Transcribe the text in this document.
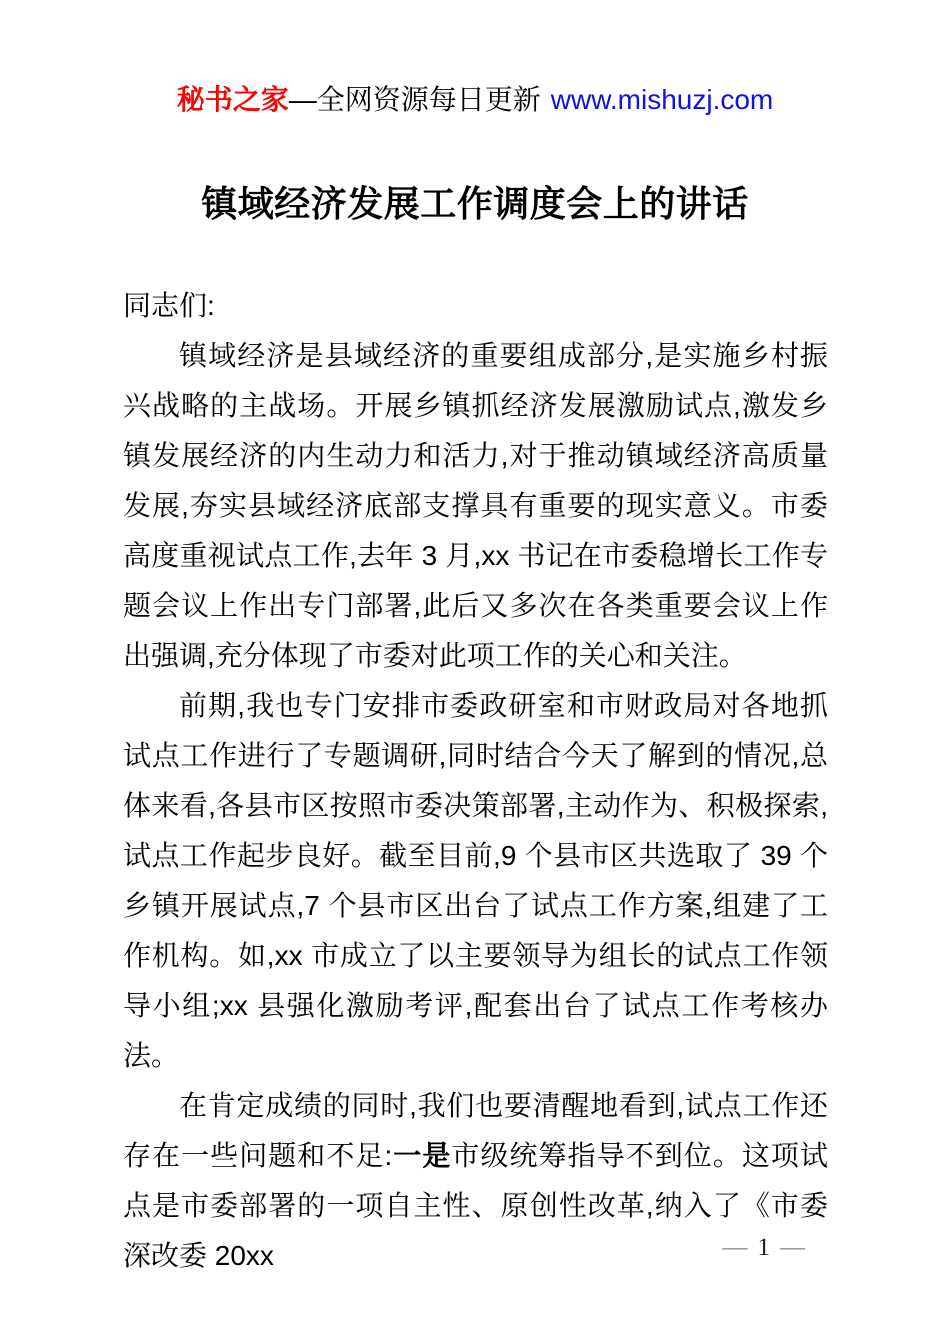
秘书之家—全网资源每日更新 www.mishuzj.com
镇域经济发展工作调度会上的讲话

同志们:

镇域经济是县域经济的重要组成部分,是实施乡村振兴战略的主战场。开展乡镇抓经济发展激励试点,激发乡镇发展经济的内生动力和活力,对于推动镇域经济高质量发展,夯实县域经济底部支撑具有重要的现实意义。市委高度重视试点工作,去年 3 月,xx 书记在市委稳增长工作专题会议上作出专门部署,此后又多次在各类重要会议上作出强调,充分体现了市委对此项工作的关心和关注。

前期,我也专门安排市委政研室和市财政局对各地抓试点工作进行了专题调研,同时结合今天了解到的情况,总体来看,各县市区按照市委决策部署,主动作为、积极探索,试点工作起步良好。截至目前,9 个县市区共选取了 39 个乡镇开展试点,7 个县市区出台了试点工作方案,组建了工作机构。如,xx 市成立了以主要领导为组长的试点工作领导小组;xx 县强化激励考评,配套出台了试点工作考核办法。

在肯定成绩的同时,我们也要清醒地看到,试点工作还存在一些问题和不足:一是市级统筹指导不到位。这项试点是市委部署的一项自主性、原创性改革,纳入了《市委深改委 20xx	— 1 —
